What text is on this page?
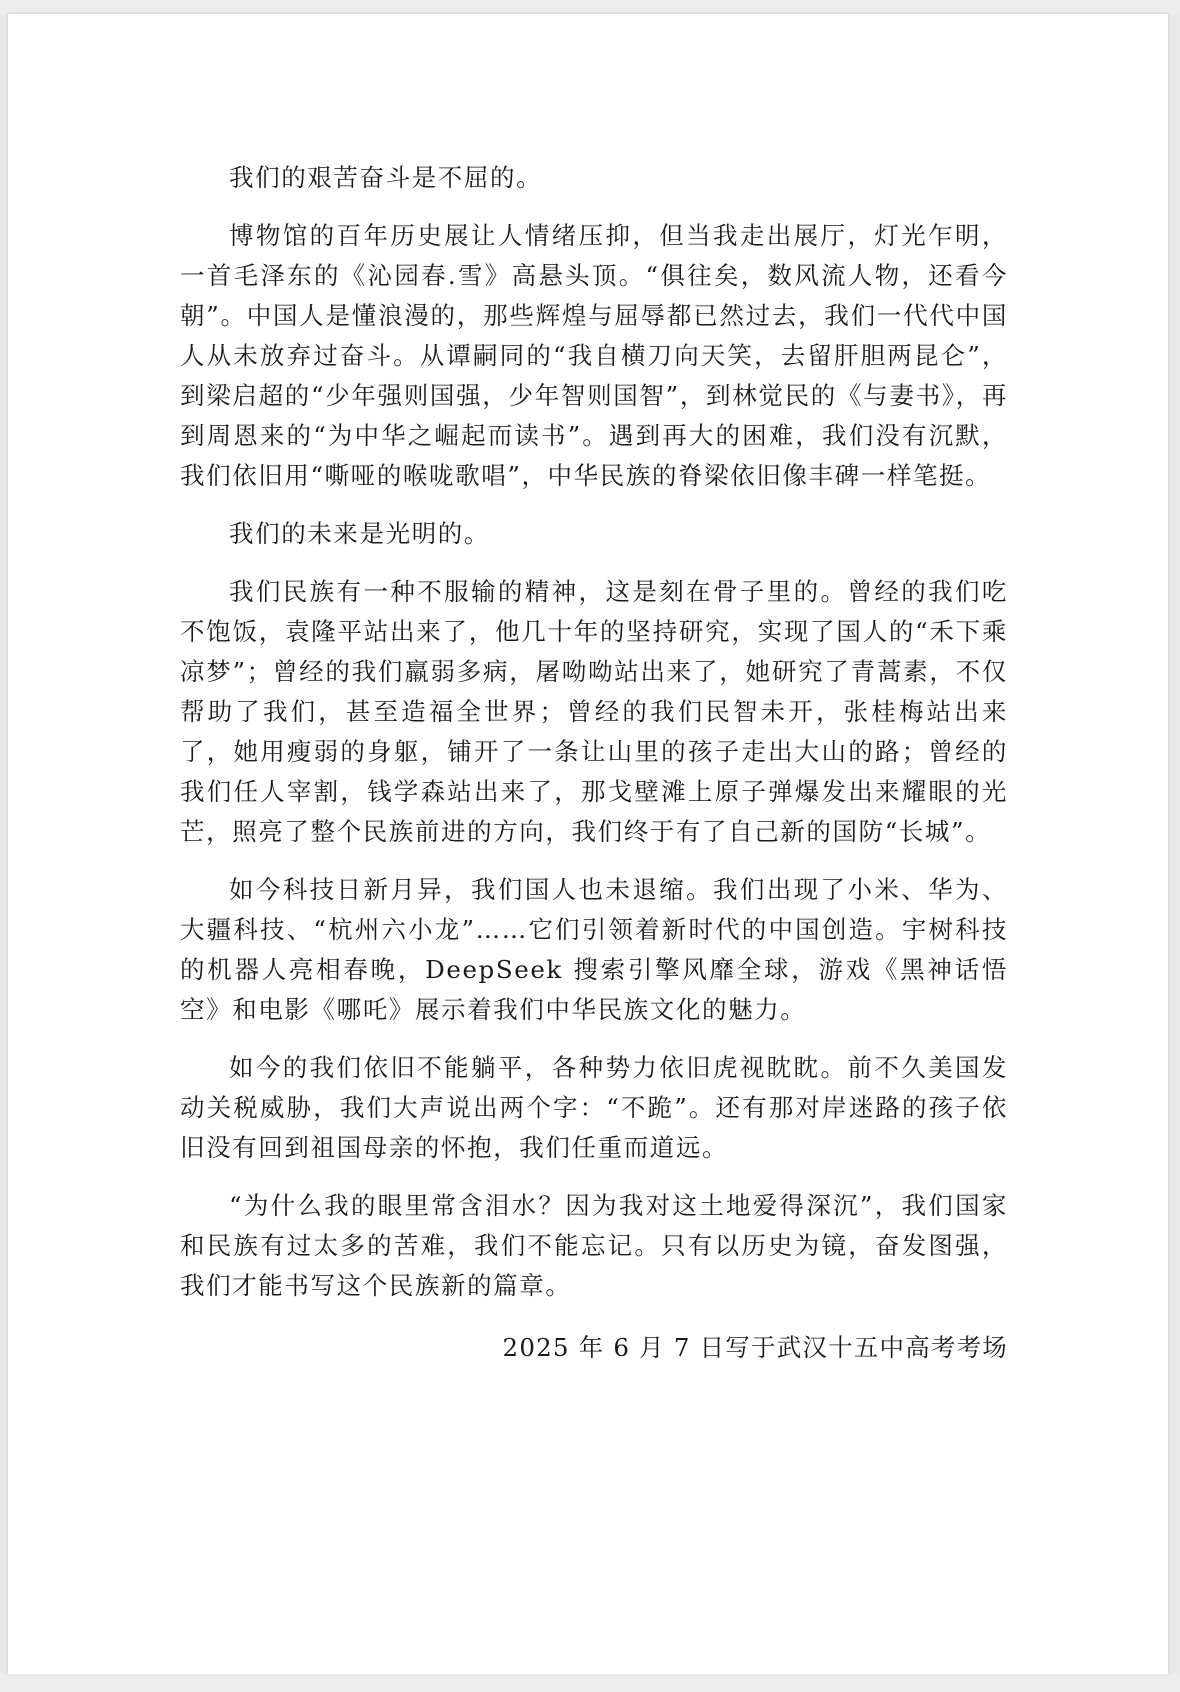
我们的艰苦奋斗是不屈的。

博物馆的百年历史展让人情绪压抑，但当我走出展厅，灯光乍明，一首毛泽东的《沁园春.雪》高悬头顶。“俱往矣，数风流人物，还看今朝”。中国人是懂浪漫的，那些辉煌与屈辱都已然过去，我们一代代中国人从未放弃过奋斗。从谭嗣同的“我自横刀向天笑，去留肝胆两昆仑”，到梁启超的“少年强则国强，少年智则国智”，到林觉民的《与妻书》，再到周恩来的“为中华之崛起而读书”。遇到再大的困难，我们没有沉默，我们依旧用“嘶哑的喉咙歌唱”，中华民族的脊梁依旧像丰碑一样笔挺。

我们的未来是光明的。

我们民族有一种不服输的精神，这是刻在骨子里的。曾经的我们吃不饱饭，袁隆平站出来了，他几十年的坚持研究，实现了国人的“禾下乘凉梦”；曾经的我们羸弱多病，屠呦呦站出来了，她研究了青蒿素，不仅帮助了我们，甚至造福全世界；曾经的我们民智未开，张桂梅站出来了，她用瘦弱的身躯，铺开了一条让山里的孩子走出大山的路；曾经的我们任人宰割，钱学森站出来了，那戈壁滩上原子弹爆发出来耀眼的光芒，照亮了整个民族前进的方向，我们终于有了自己新的国防“长城”。

如今科技日新月异，我们国人也未退缩。我们出现了小米、华为、大疆科技、“杭州六小龙”……它们引领着新时代的中国创造。宇树科技的机器人亮相春晚，DeepSeek 搜索引擎风靡全球，游戏《黑神话悟空》和电影《哪吒》展示着我们中华民族文化的魅力。

如今的我们依旧不能躺平，各种势力依旧虎视眈眈。前不久美国发动关税威胁，我们大声说出两个字：“不跪”。还有那对岸迷路的孩子依旧没有回到祖国母亲的怀抱，我们任重而道远。

“为什么我的眼里常含泪水？因为我对这土地爱得深沉”，我们国家和民族有过太多的苦难，我们不能忘记。只有以历史为镜，奋发图强，我们才能书写这个民族新的篇章。

2025 年 6 月 7 日写于武汉十五中高考考场
